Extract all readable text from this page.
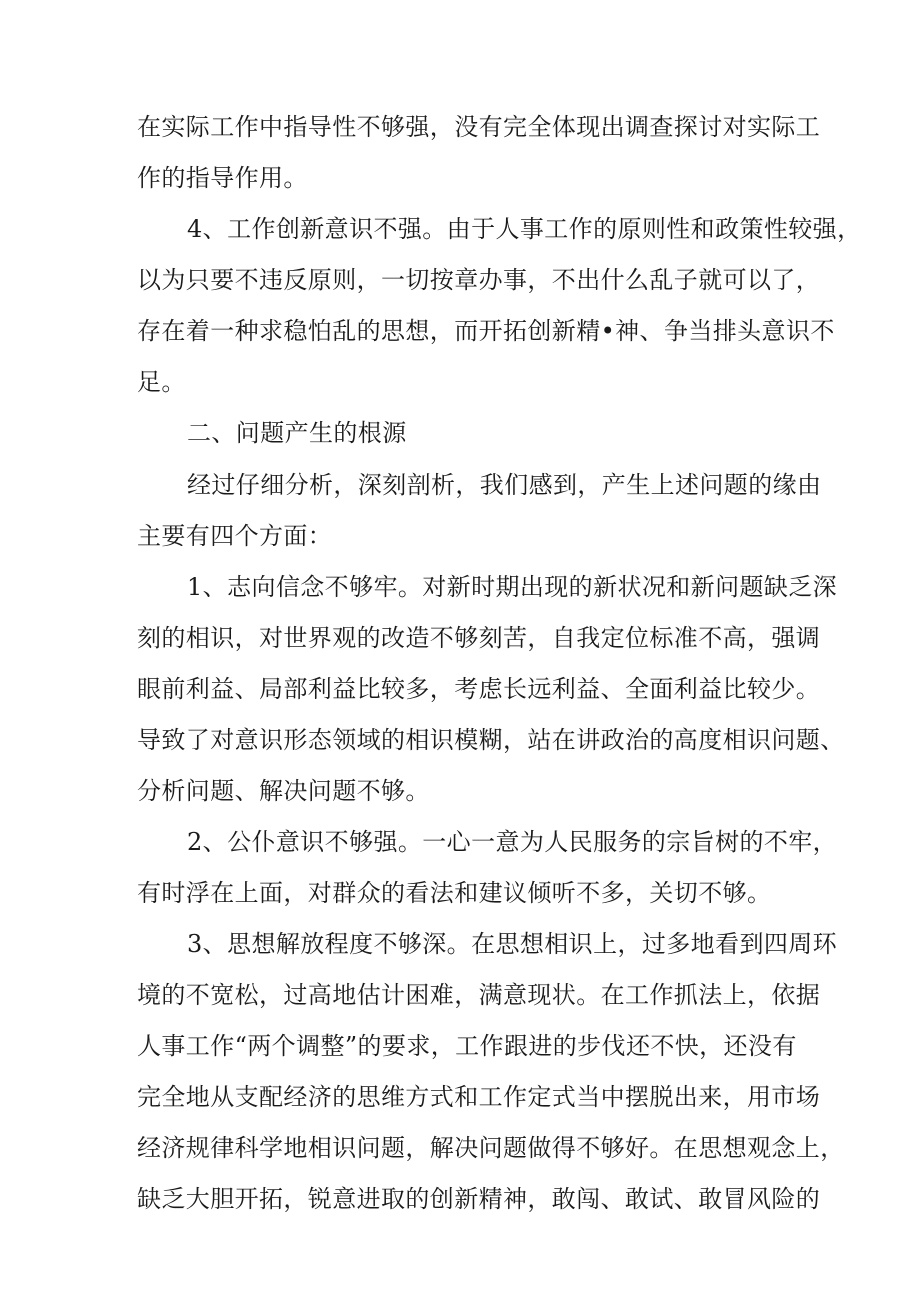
在实际工作中指导性不够强，没有完全体现出调查探讨对实际工
作的指导作用。
4、工作创新意识不强。由于人事工作的原则性和政策性较强，
以为只要不违反原则，一切按章办事，不出什么乱子就可以了，
存在着一种求稳怕乱的思想，而开拓创新精•神、争当排头意识不
足。
二、问题产生的根源
经过仔细分析，深刻剖析，我们感到，产生上述问题的缘由
主要有四个方面：
1、志向信念不够牢。对新时期出现的新状况和新问题缺乏深
刻的相识，对世界观的改造不够刻苦，自我定位标准不高，强调
眼前利益、局部利益比较多，考虑长远利益、全面利益比较少。
导致了对意识形态领域的相识模糊，站在讲政治的高度相识问题、
分析问题、解决问题不够。
2、公仆意识不够强。一心一意为人民服务的宗旨树的不牢，
有时浮在上面，对群众的看法和建议倾听不多，关切不够。
3、思想解放程度不够深。在思想相识上，过多地看到四周环
境的不宽松，过高地估计困难，满意现状。在工作抓法上，依据
人事工作“两个调整”的要求，工作跟进的步伐还不快，还没有
完全地从支配经济的思维方式和工作定式当中摆脱出来，用市场
经济规律科学地相识问题，解决问题做得不够好。在思想观念上，
缺乏大胆开拓，锐意进取的创新精神，敢闯、敢试、敢冒风险的
